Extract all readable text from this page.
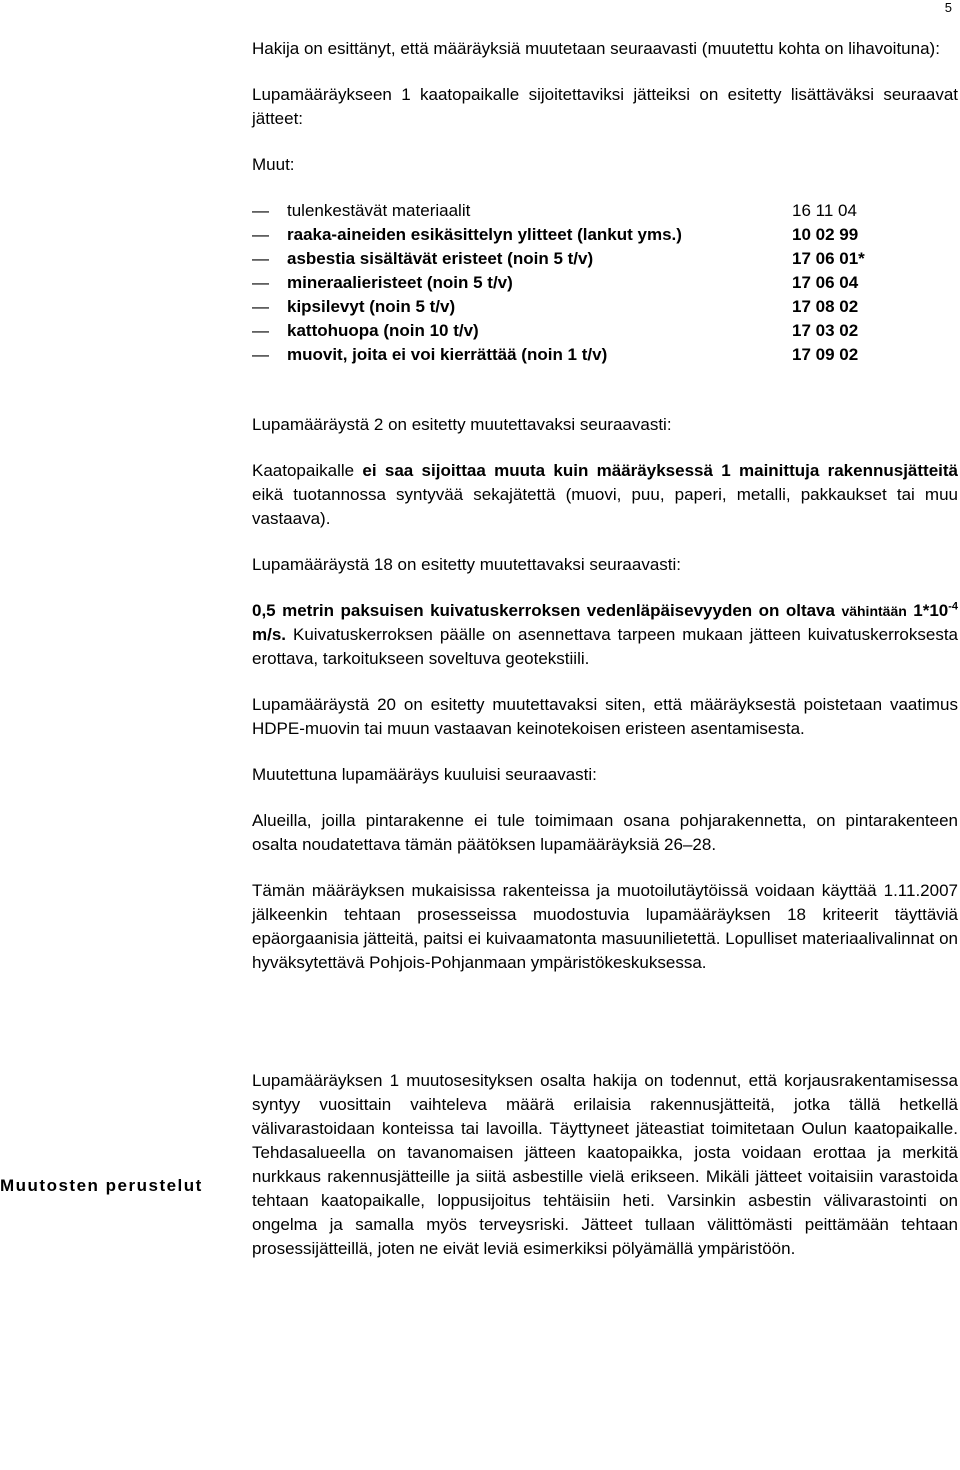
5

Hakija on esittänyt, että määräyksiä muutetaan seuraavasti (muutettu kohta on lihavoituna):

Lupamääräykseen 1 kaatopaikalle sijoitettaviksi jätteiksi on esitetty lisättäväksi seuraavat jätteet:

Muut:

— tulenkestävät materiaalit	16 11 04
— raaka-aineiden esikäsittelyn ylitteet (lankut yms.)	10 02 99
— asbestia sisältävät eristeet (noin 5 t/v)	17 06 01*
— mineraalieristeet (noin 5 t/v)	17 06 04
— kipsilevyt (noin 5 t/v)	17 08 02
— kattohuopa (noin 10 t/v)	17 03 02
— muovit, joita ei voi kierrättää (noin 1 t/v)	17 09 02

Lupamääräystä 2 on esitetty muutettavaksi seuraavasti:

Kaatopaikalle ei saa sijoittaa muuta kuin määräyksessä 1 mainittuja rakennusjätteitä eikä tuotannossa syntyvää sekajätettä (muovi, puu, paperi, metalli, pakkaukset tai muu vastaava).

Lupamääräystä 18 on esitetty muutettavaksi seuraavasti:

0,5 metrin paksuisen kuivatuskerroksen vedenläpäisevyyden on oltava vähintään $1*10^{-4}$ m/s. Kuivatuskerroksen päälle on asennettava tarpeen mukaan jätteen kuivatuskerroksesta erottava, tarkoitukseen soveltuva geotekstiili.

Lupamääräystä 20 on esitetty muutettavaksi siten, että määräyksestä poistetaan vaatimus HDPE-muovin tai muun vastaavan keinotekoisen eristeen asentamisesta.

Muutettuna lupamääräys kuuluisi seuraavasti:

Alueilla, joilla pintarakenne ei tule toimimaan osana pohjarakennetta, on pintarakenteen osalta noudatettava tämän päätöksen lupamääräyksiä 26–28.

Tämän määräyksen mukaisissa rakenteissa ja muotoilutäytöissä voidaan käyttää 1.11.2007 jälkeenkin tehtaan prosesseissa muodostuvia lupamääräyksen 18 kriteerit täyttäviä epäorgaanisia jätteitä, paitsi ei kuivaamatonta masuunilietettä. Lopulliset materiaalivalinnat on hyväksytettävä Pohjois-Pohjanmaan ympäristökeskuksessa.

Lupamääräyksen 1 muutosesityksen osalta hakija on todennut, että korjausrakentamisessa syntyy vuosittain vaihteleva määrä erilaisia rakennusjätteitä, jotka tällä hetkellä välivarastoidaan konteissa tai lavoilla. Täyttyneet jäteastiat toimitetaan Oulun kaatopaikalle. Tehdasalueella on tavanomaisen jätteen kaatopaikka, josta voidaan erottaa ja merkitä nurkkaus rakennusjätteille ja siitä asbestille vielä erikseen. Mikäli jätteet voitaisiin varastoida tehtaan kaatopaikalle, loppusijoitus tehtäisiin heti. Varsinkin asbestin välivarastointi on ongelma ja samalla myös terveysriski. Jätteet tullaan välittömästi peittämään tehtaan prosessijätteillä, joten ne eivät leviä esimerkiksi pölyämällä ympäristöön.

Muutosten perustelut
